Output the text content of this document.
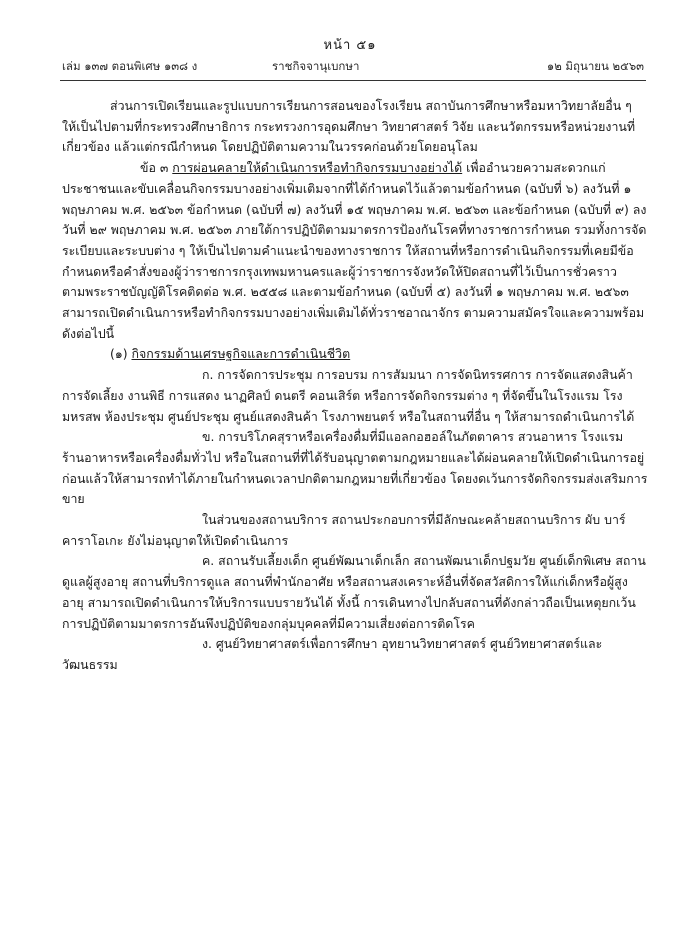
หน้า ๕๑
เล่ม ๑๓๗ ตอนพิเศษ ๑๓๘ ง	ราชกิจจานุเบกษา	๑๒ มิถุนายน ๒๕๖๓

ส่วนการเปิดเรียนและรูปแบบการเรียนการสอนของโรงเรียน สถาบันการศึกษาหรือมหาวิทยาลัยอื่น ๆ ให้เป็นไปตามที่กระทรวงศึกษาธิการ กระทรวงการอุดมศึกษา วิทยาศาสตร์ วิจัย และนวัตกรรมหรือหน่วยงานที่เกี่ยวข้อง แล้วแต่กรณีกำหนด โดยปฏิบัติตามความในวรรคก่อนด้วยโดยอนุโลม

ข้อ ๓ การผ่อนคลายให้ดำเนินการหรือทำกิจกรรมบางอย่างได้ เพื่ออำนวยความสะดวกแก่ประชาชนและขับเคลื่อนกิจกรรมบางอย่างเพิ่มเติมจากที่ได้กำหนดไว้แล้วตามข้อกำหนด (ฉบับที่ ๖) ลงวันที่ ๑ พฤษภาคม พ.ศ. ๒๕๖๓ ข้อกำหนด (ฉบับที่ ๗) ลงวันที่ ๑๕ พฤษภาคม พ.ศ. ๒๕๖๓ และข้อกำหนด (ฉบับที่ ๙) ลงวันที่ ๒๙ พฤษภาคม พ.ศ. ๒๕๖๓ ภายใต้การปฏิบัติตามมาตรการป้องกันโรคที่ทางราชการกำหนด รวมทั้งการจัดระเบียบและระบบต่าง ๆ ให้เป็นไปตามคำแนะนำของทางราชการ ให้สถานที่หรือการดำเนินกิจกรรมที่เคยมีข้อกำหนดหรือคำสั่งของผู้ว่าราชการกรุงเทพมหานครและผู้ว่าราชการจังหวัดให้ปิดสถานที่ไว้เป็นการชั่วคราวตามพระราชบัญญัติโรคติดต่อ พ.ศ. ๒๕๕๘ และตามข้อกำหนด (ฉบับที่ ๕) ลงวันที่ ๑ พฤษภาคม พ.ศ. ๒๕๖๓ สามารถเปิดดำเนินการหรือทำกิจกรรมบางอย่างเพิ่มเติมได้ทั่วราชอาณาจักร ตามความสมัครใจและความพร้อมดังต่อไปนี้

(๑) กิจกรรมด้านเศรษฐกิจและการดำเนินชีวิต

ก. การจัดการประชุม การอบรม การสัมมนา การจัดนิทรรศการ การจัดแสดงสินค้า การจัดเลี้ยง งานพิธี การแสดง นาฏศิลป์ ดนตรี คอนเสิร์ต หรือการจัดกิจกรรมต่าง ๆ ที่จัดขึ้นในโรงแรม โรงมหรสพ ห้องประชุม ศูนย์ประชุม ศูนย์แสดงสินค้า โรงภาพยนตร์ หรือในสถานที่อื่น ๆ ให้สามารถดำเนินการได้

ข. การบริโภคสุราหรือเครื่องดื่มที่มีแอลกอฮอล์ในภัตตาคาร สวนอาหาร โรงแรม ร้านอาหารหรือเครื่องดื่มทั่วไป หรือในสถานที่ที่ได้รับอนุญาตตามกฎหมายและได้ผ่อนคลายให้เปิดดำเนินการอยู่ก่อนแล้วให้สามารถทำได้ภายในกำหนดเวลาปกติตามกฎหมายที่เกี่ยวข้อง โดยงดเว้นการจัดกิจกรรมส่งเสริมการขาย

ในส่วนของสถานบริการ สถานประกอบการที่มีลักษณะคล้ายสถานบริการ ผับ บาร์ คาราโอเกะ ยังไม่อนุญาตให้เปิดดำเนินการ

ค. สถานรับเลี้ยงเด็ก ศูนย์พัฒนาเด็กเล็ก สถานพัฒนาเด็กปฐมวัย ศูนย์เด็กพิเศษ สถานดูแลผู้สูงอายุ สถานที่บริการดูแล สถานที่พำนักอาศัย หรือสถานสงเคราะห์อื่นที่จัดสวัสดิการให้แก่เด็กหรือผู้สูงอายุ สามารถเปิดดำเนินการให้บริการแบบรายวันได้ ทั้งนี้ การเดินทางไปกลับสถานที่ดังกล่าวถือเป็นเหตุยกเว้นการปฏิบัติตามมาตรการอันพึงปฏิบัติของกลุ่มบุคคลที่มีความเสี่ยงต่อการติดโรค

ง. ศูนย์วิทยาศาสตร์เพื่อการศึกษา อุทยานวิทยาศาสตร์ ศูนย์วิทยาศาสตร์และวัฒนธรรม
